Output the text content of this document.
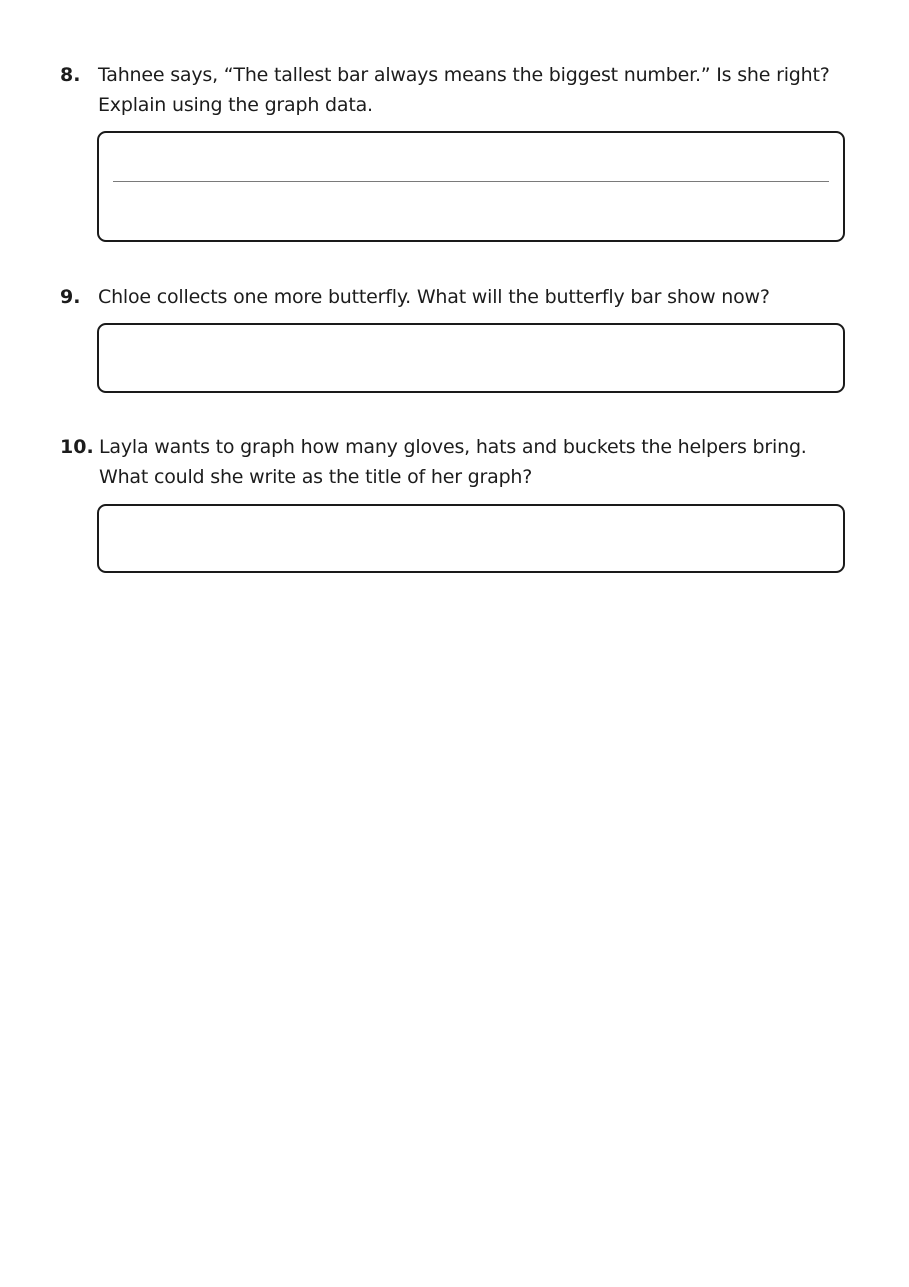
8. Tahnee says, “The tallest bar always means the biggest number.” Is she right? Explain using the graph data.
9. Chloe collects one more butterfly. What will the butterfly bar show now?
10. Layla wants to graph how many gloves, hats and buckets the helpers bring. What could she write as the title of her graph?
